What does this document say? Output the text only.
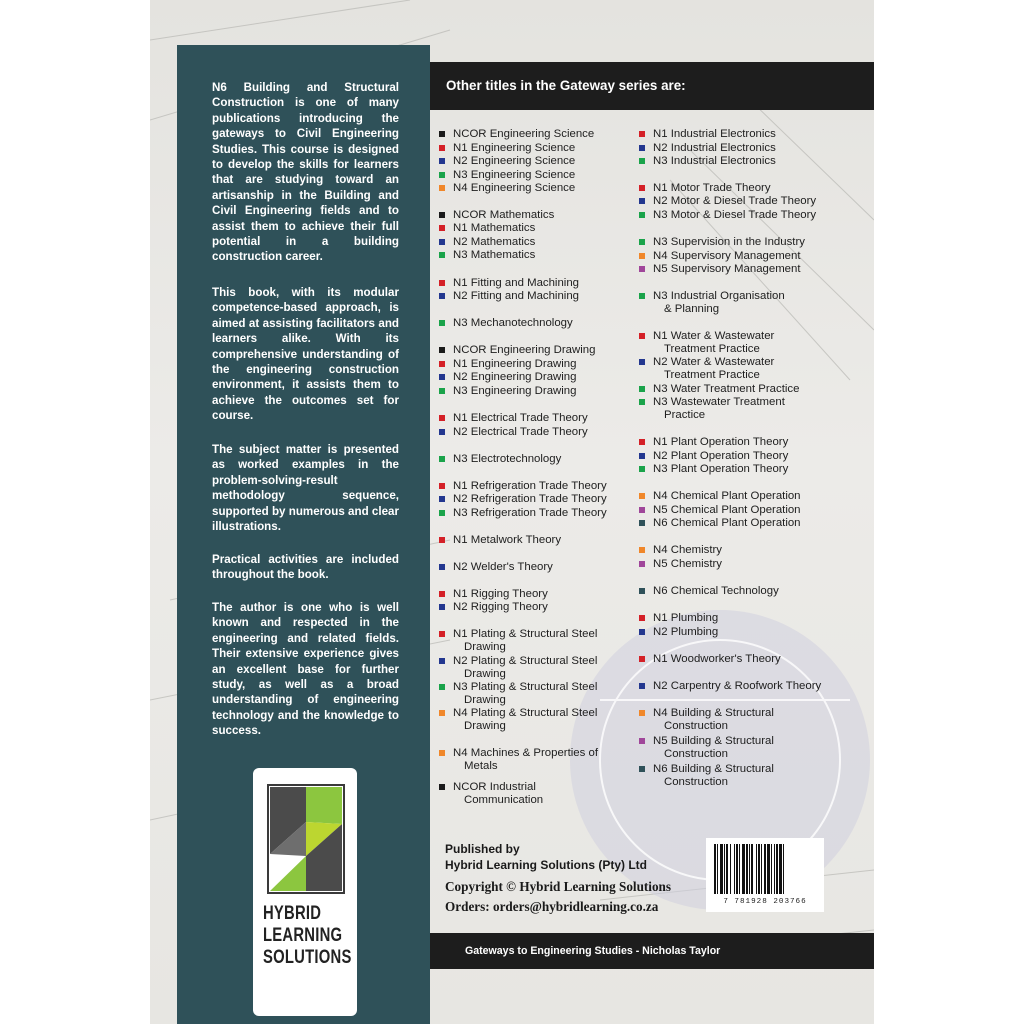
N6 Building and Structural Construction is one of many publications introducing the gateways to Civil Engineering Studies. This course is designed to develop the skills for learners that are studying toward an artisanship in the Building and Civil Engineering fields and to assist them to achieve their full potential in a building construction career.

This book, with its modular competence-based approach, is aimed at assisting facilitators and learners alike. With its comprehensive understanding of the engineering construction environment, it assists them to achieve the outcomes set for course.

The subject matter is presented as worked examples in the problem-solving-result methodology sequence, supported by numerous and clear illustrations.

Practical activities are included throughout the book.

The author is one who is well known and respected in the engineering and related fields. Their extensive experience gives an excellent base for further study, as well as a broad understanding of engineering technology and the knowledge to success.

HYBRID
LEARNING
SOLUTIONS
Other titles in the Gateway series are:
NCOR Engineering Science
N1 Engineering Science
N2 Engineering Science
N3 Engineering Science
N4 Engineering Science
NCOR Mathematics
N1 Mathematics
N2 Mathematics
N3 Mathematics
N1 Fitting and Machining
N2 Fitting and Machining
N3 Mechanotechnology
NCOR Engineering Drawing
N1 Engineering Drawing
N2 Engineering Drawing
N3 Engineering Drawing
N1 Electrical Trade Theory
N2 Electrical Trade Theory
N3 Electrotechnology
N1 Refrigeration Trade Theory
N2 Refrigeration Trade Theory
N3 Refrigeration Trade Theory
N1 Metalwork Theory
N2 Welder's Theory
N1 Rigging Theory
N2 Rigging Theory
N1 Plating & Structural Steel
Drawing
N2 Plating & Structural Steel
Drawing
N3 Plating & Structural Steel
Drawing
N4 Plating & Structural Steel
Drawing
N4 Machines & Properties of
Metals
NCOR Industrial
Communication
N1 Industrial Electronics
N2 Industrial Electronics
N3 Industrial Electronics
N1 Motor Trade Theory
N2 Motor & Diesel Trade Theory
N3 Motor & Diesel Trade Theory
N3 Supervision in the Industry
N4 Supervisory Management
N5 Supervisory Management
N3 Industrial Organisation
& Planning
N1 Water & Wastewater
Treatment Practice
N2 Water & Wastewater
Treatment Practice
N3 Water Treatment Practice
N3 Wastewater Treatment
Practice
N1 Plant Operation Theory
N2 Plant Operation Theory
N3 Plant Operation Theory
N4 Chemical Plant Operation
N5 Chemical Plant Operation
N6 Chemical Plant Operation
N4 Chemistry
N5 Chemistry
N6 Chemical Technology
N1 Plumbing
N2 Plumbing
N1 Woodworker's Theory
N2 Carpentry & Roofwork Theory
N4 Building & Structural
Construction
N5 Building & Structural
Construction
N6 Building & Structural
Construction
Published by
Hybrid Learning Solutions (Pty) Ltd
Copyright © Hybrid Learning Solutions
Orders: orders@hybridlearning.co.za	7 781928 203766
Gateways to Engineering Studies - Nicholas Taylor
